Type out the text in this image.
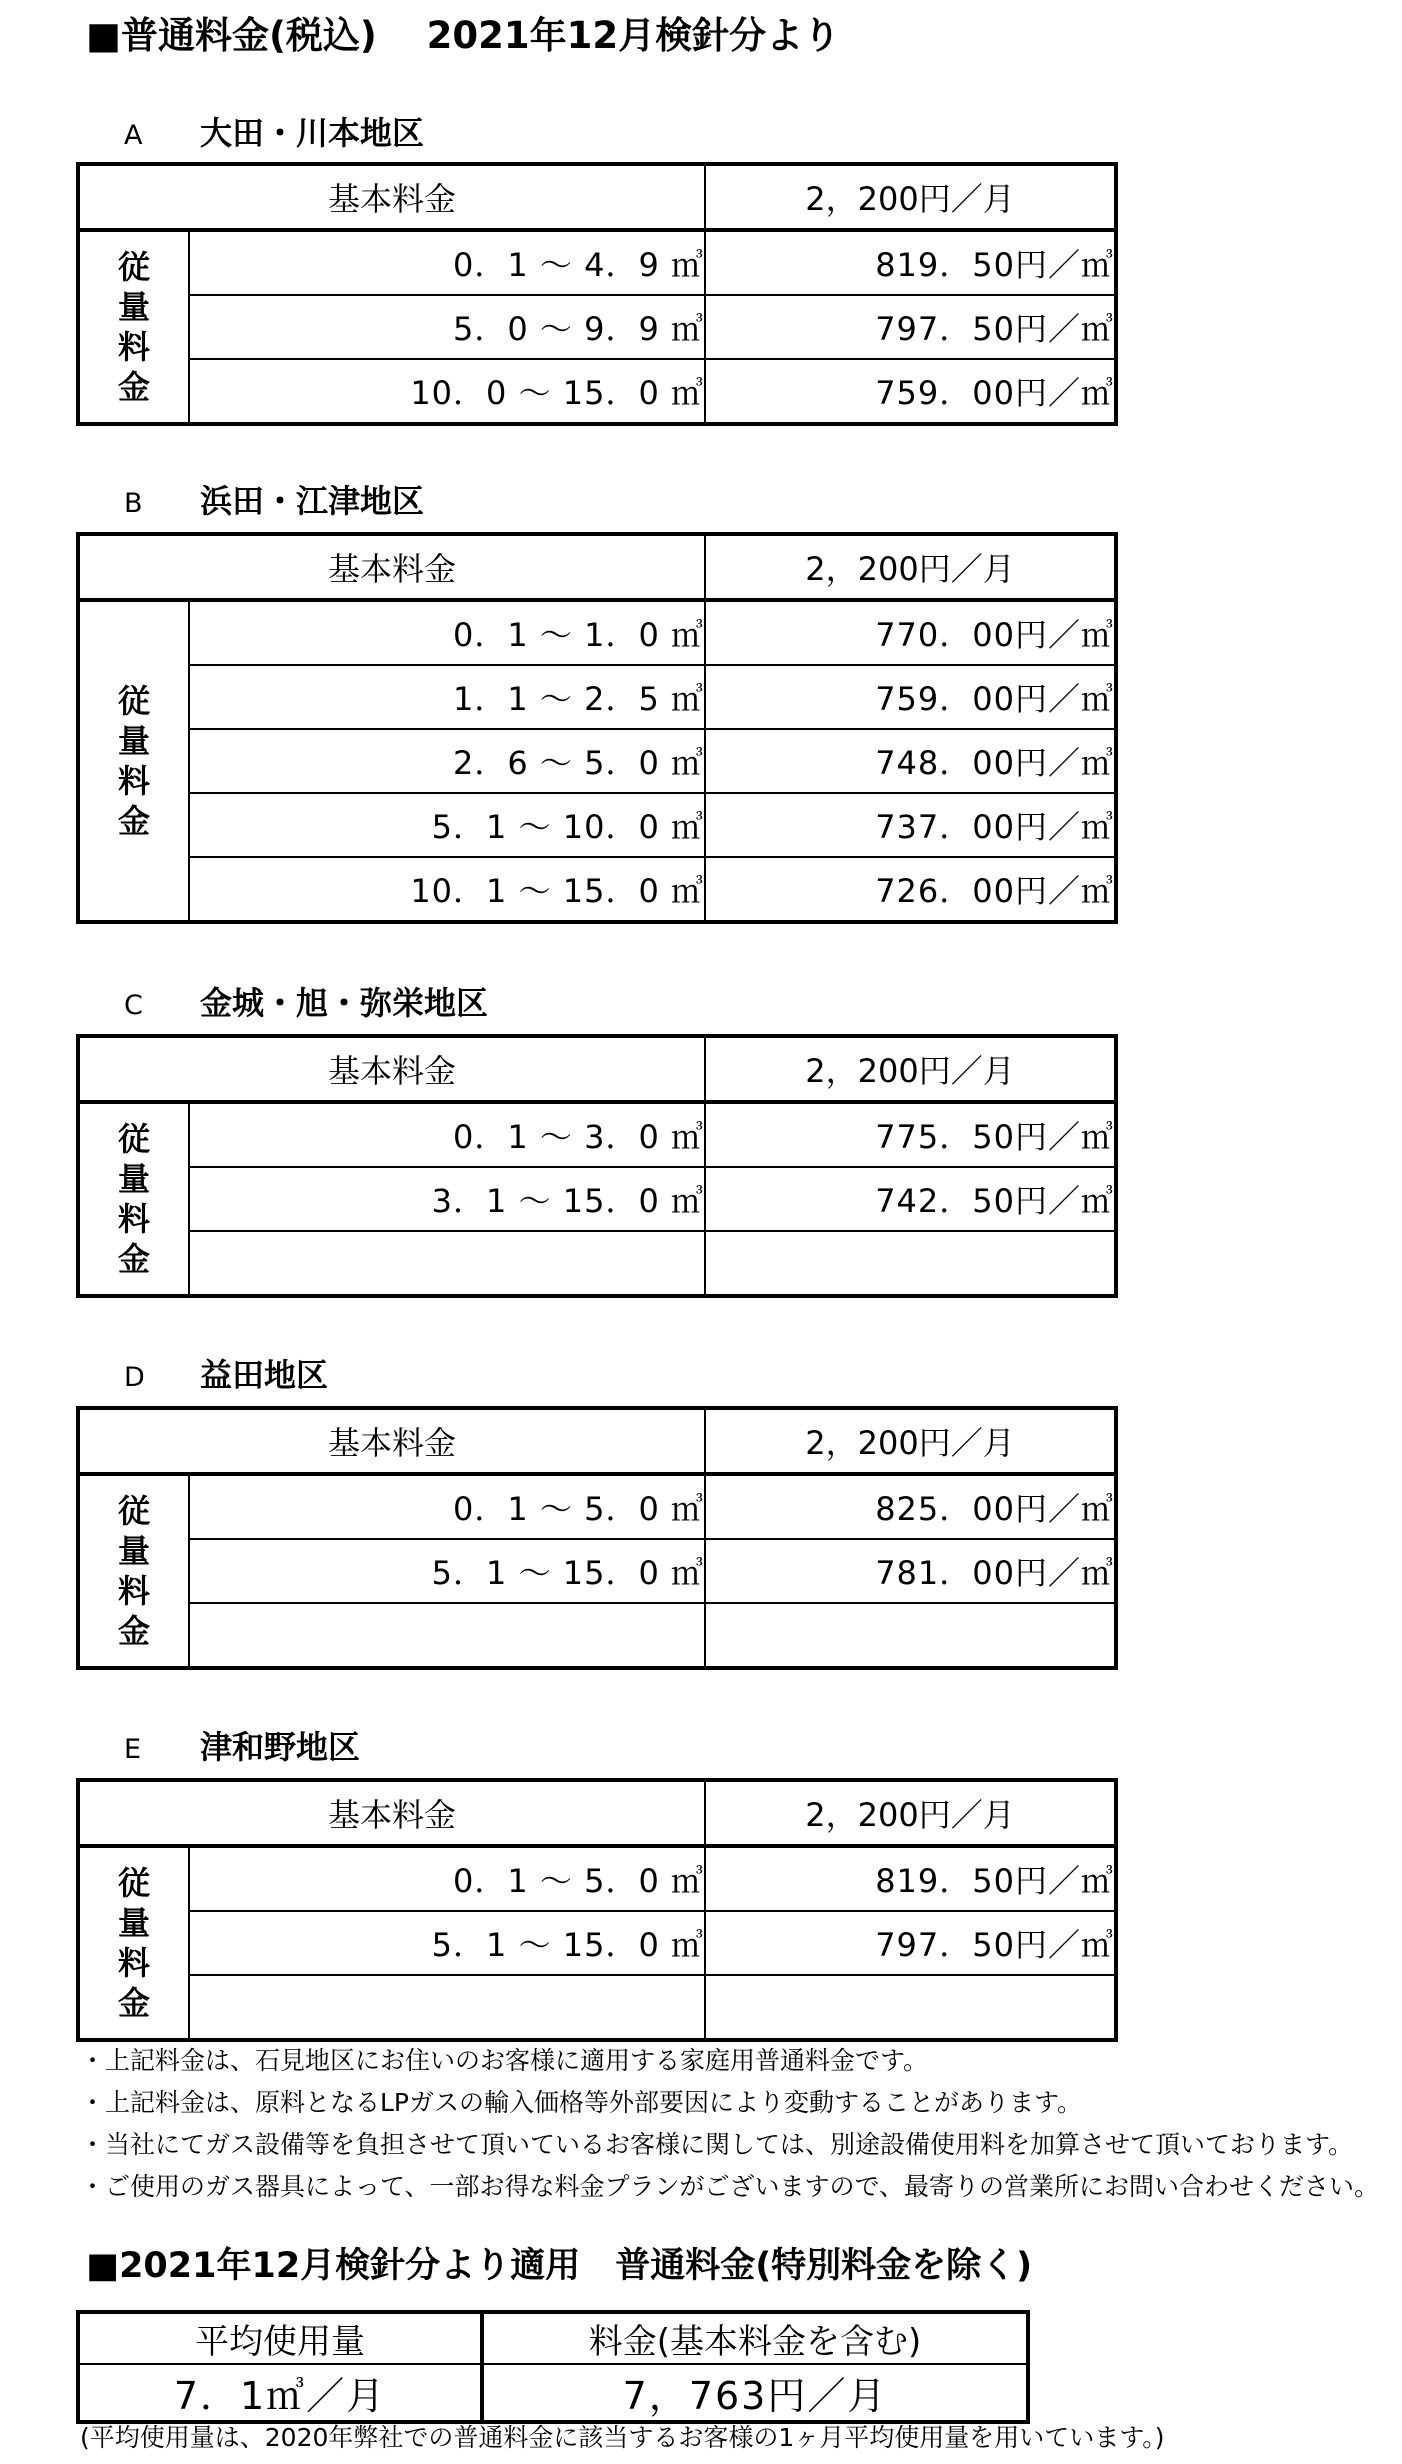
■普通料金(税込)　 2021年12月検針分より
A 大田・川本地区
基本料金		2，200円／月

従
量
料
金	0．1 ～ 4．9 ㎥	819．50円／㎥
	5．0 ～ 9．9 ㎥	797．50円／㎥
	10．0 ～ 15．0 ㎥	759．00円／㎥
B 浜田・江津地区
基本料金		2，200円／月

従
量
料
金	0．1 ～ 1．0 ㎥	770．00円／㎥
	1．1 ～ 2．5 ㎥	759．00円／㎥
	2．6 ～ 5．0 ㎥	748．00円／㎥
	5．1 ～ 10．0 ㎥	737．00円／㎥
	10．1 ～ 15．0 ㎥	726．00円／㎥
C 金城・旭・弥栄地区
基本料金		2，200円／月

従
量
料
金	0．1 ～ 3．0 ㎥	775．50円／㎥
	3．1 ～ 15．0 ㎥	742．50円／㎥

D 益田地区
基本料金		2，200円／月

従
量
料
金	0．1 ～ 5．0 ㎥	825．00円／㎥
	5．1 ～ 15．0 ㎥	781．00円／㎥

E 津和野地区
基本料金		2，200円／月

従
量
料
金	0．1 ～ 5．0 ㎥	819．50円／㎥
	5．1 ～ 15．0 ㎥	797．50円／㎥

・上記料金は、石見地区にお住いのお客様に適用する家庭用普通料金です。
・上記料金は、原料となるLPガスの輸入価格等外部要因により変動することがあります。
・当社にてガス設備等を負担させて頂いているお客様に関しては、別途設備使用料を加算させて頂いております。
・ご使用のガス器具によって、一部お得な料金プランがございますので、最寄りの営業所にお問い合わせください。
■2021年12月検針分より適用　普通料金(特別料金を除く)
平均使用量	料金(基本料金を含む)
7．1㎥／月	7，763円／月
(平均使用量は、2020年弊社での普通料金に該当するお客様の1ヶ月平均使用量を用いています。)
